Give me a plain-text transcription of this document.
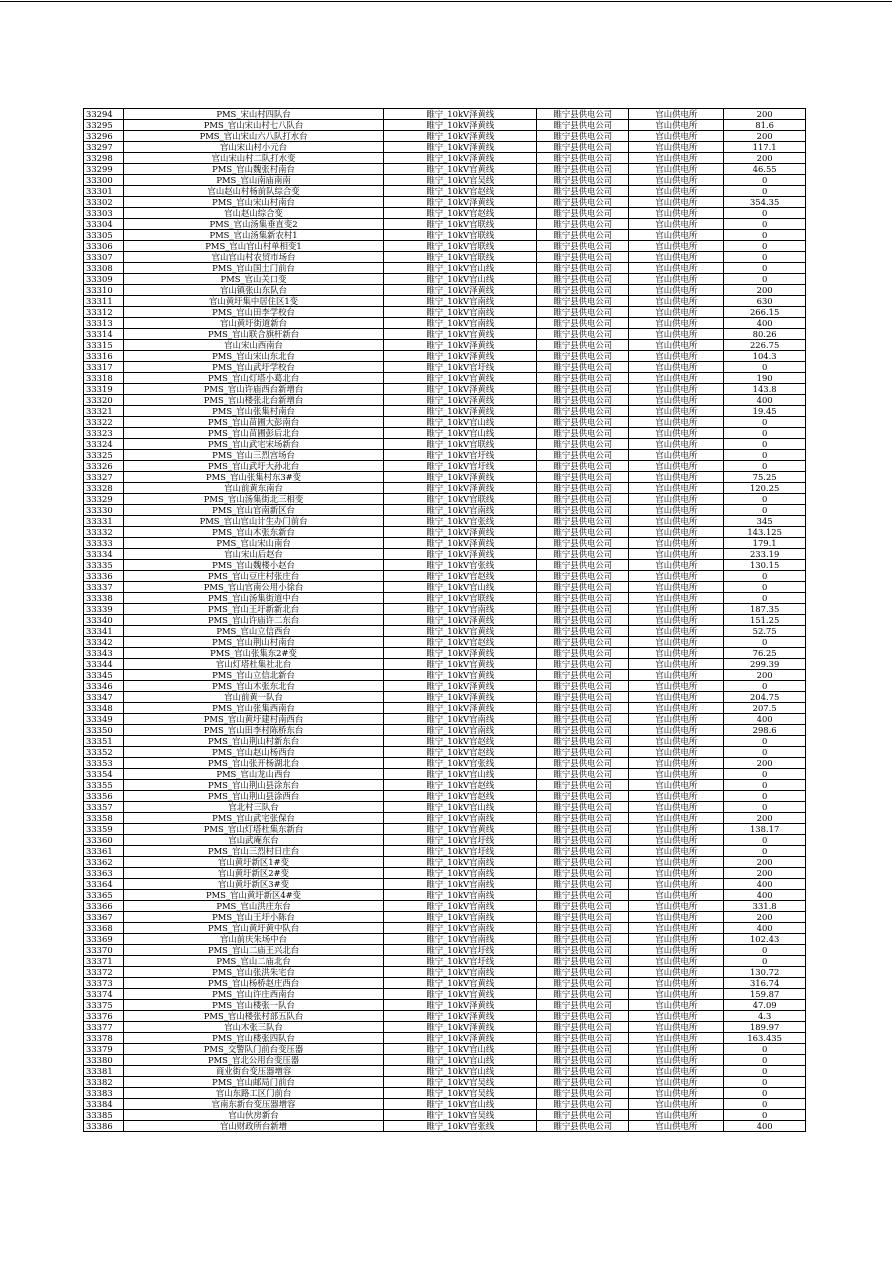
33294	PMS_宋山村四队台	睢宁_10kV泽黄线	睢宁县供电公司	官山供电所	200
33295	PMS_官山宋山村七八队台	睢宁_10kV泽黄线	睢宁县供电公司	官山供电所	81.6
33296	PMS_官山宋山六八队打水台	睢宁_10kV泽黄线	睢宁县供电公司	官山供电所	200
33297	官山宋山村小元台	睢宁_10kV泽黄线	睢宁县供电公司	官山供电所	117.1
33298	官山宋山村二队打水变	睢宁_10kV泽黄线	睢宁县供电公司	官山供电所	200
33299	PMS_官山魏张村南台	睢宁_10kV官黄线	睢宁县供电公司	官山供电所	46.55
33300	PMS_官山南庙南南	睢宁_10kV官吴线	睢宁县供电公司	官山供电所	0
33301	官山赵山村杨前队综合变	睢宁_10kV官赵线	睢宁县供电公司	官山供电所	0
33302	PMS_官山宋山村南台	睢宁_10kV泽黄线	睢宁县供电公司	官山供电所	354.35
33303	官山赵山综合变	睢宁_10kV官赵线	睢宁县供电公司	官山供电所	0
33304	PMS_官山汤集垂直变2	睢宁_10kV官联线	睢宁县供电公司	官山供电所	0
33305	PMS_官山汤集新农村1	睢宁_10kV官联线	睢宁县供电公司	官山供电所	0
33306	PMS_官山官山村单相变1	睢宁_10kV官联线	睢宁县供电公司	官山供电所	0
33307	官山官山村农贸市场台	睢宁_10kV官联线	睢宁县供电公司	官山供电所	0
33308	PMS_官山国土门前台	睢宁_10kV官山线	睢宁县供电公司	官山供电所	0
33309	PMS_官山关口变	睢宁_10kV官山线	睢宁县供电公司	官山供电所	0
33310	官山镇张山东队台	睢宁_10kV泽黄线	睢宁县供电公司	官山供电所	200
33311	官山黄圩集中居住区1变	睢宁_10kV官南线	睢宁县供电公司	官山供电所	630
33312	PMS_官山田李学校台	睢宁_10kV官南线	睢宁县供电公司	官山供电所	266.15
33313	官山黄圩街道新台	睢宁_10kV官南线	睢宁县供电公司	官山供电所	400
33314	PMS_官山联合旗杆新台	睢宁_10kV官黄线	睢宁县供电公司	官山供电所	80.26
33315	官山宋山西南台	睢宁_10kV泽黄线	睢宁县供电公司	官山供电所	226.75
33316	PMS_官山宋山东北台	睢宁_10kV泽黄线	睢宁县供电公司	官山供电所	104.3
33317	PMS_官山武圩学校台	睢宁_10kV官圩线	睢宁县供电公司	官山供电所	0
33318	PMS_官山灯塔小葛北台	睢宁_10kV官黄线	睢宁县供电公司	官山供电所	190
33319	PMS_官山许庙西台新增台	睢宁_10kV泽黄线	睢宁县供电公司	官山供电所	143.8
33320	PMS_官山楼张北台新增台	睢宁_10kV泽黄线	睢宁县供电公司	官山供电所	400
33321	PMS_官山张集村南台	睢宁_10kV泽黄线	睢宁县供电公司	官山供电所	19.45
33322	PMS_官山苗圃大彭南台	睢宁_10kV官山线	睢宁县供电公司	官山供电所	0
33323	PMS_官山苗圃彭后北台	睢宁_10kV官山线	睢宁县供电公司	官山供电所	0
33324	PMS_官山武宅宋场新台	睢宁_10kV官联线	睢宁县供电公司	官山供电所	0
33325	PMS_官山三烈宫场台	睢宁_10kV官圩线	睢宁县供电公司	官山供电所	0
33326	PMS_官山武圩大孙北台	睢宁_10kV官圩线	睢宁县供电公司	官山供电所	0
33327	PMS_官山张集村东3#变	睢宁_10kV泽黄线	睢宁县供电公司	官山供电所	75.25
33328	官山前黄东南台	睢宁_10kV泽黄线	睢宁县供电公司	官山供电所	120.25
33329	PMS_官山汤集街北三相变	睢宁_10kV官联线	睢宁县供电公司	官山供电所	0
33330	PMS_官山官南新区台	睢宁_10kV官南线	睢宁县供电公司	官山供电所	0
33331	PMS_官山官山计生办门前台	睢宁_10kV官张线	睢宁县供电公司	官山供电所	345
33332	PMS_官山木张东新台	睢宁_10kV泽黄线	睢宁县供电公司	官山供电所	143.125
33333	PMS_官山宋山南台	睢宁_10kV泽黄线	睢宁县供电公司	官山供电所	179.1
33334	官山宋山后赵台	睢宁_10kV泽黄线	睢宁县供电公司	官山供电所	233.19
33335	PMS_官山魏楼小赵台	睢宁_10kV官张线	睢宁县供电公司	官山供电所	130.15
33336	PMS_官山豆庄村张庄台	睢宁_10kV官赵线	睢宁县供电公司	官山供电所	0
33337	PMS_官山官南公用小徐台	睢宁_10kV官山线	睢宁县供电公司	官山供电所	0
33338	PMS_官山汤集街道中台	睢宁_10kV官联线	睢宁县供电公司	官山供电所	0
33339	PMS_官山王圩新新北台	睢宁_10kV官南线	睢宁县供电公司	官山供电所	187.35
33340	PMS_官山许庙许二东台	睢宁_10kV泽黄线	睢宁县供电公司	官山供电所	151.25
33341	PMS_官山立信西台	睢宁_10kV官黄线	睢宁县供电公司	官山供电所	52.75
33342	PMS_官山荆山村南台	睢宁_10kV官赵线	睢宁县供电公司	官山供电所	0
33343	PMS_官山张集东2#变	睢宁_10kV泽黄线	睢宁县供电公司	官山供电所	76.25
33344	官山灯塔杜集社北台	睢宁_10kV官黄线	睢宁县供电公司	官山供电所	299.39
33345	PMS_官山立信北新台	睢宁_10kV官黄线	睢宁县供电公司	官山供电所	200
33346	PMS_官山木张东北台	睢宁_10kV泽黄线	睢宁县供电公司	官山供电所	0
33347	官山前黄一队台	睢宁_10kV泽黄线	睢宁县供电公司	官山供电所	204.75
33348	PMS_官山张集西南台	睢宁_10kV泽黄线	睢宁县供电公司	官山供电所	207.5
33349	PMS_官山黄圩建村南西台	睢宁_10kV官南线	睢宁县供电公司	官山供电所	400
33350	PMS_官山田李村陈桥东台	睢宁_10kV官南线	睢宁县供电公司	官山供电所	298.6
33351	PMS_官山荆山村新东台	睢宁_10kV官赵线	睢宁县供电公司	官山供电所	0
33352	PMS_官山赵山杨西台	睢宁_10kV官赵线	睢宁县供电公司	官山供电所	0
33353	PMS_官山张开杨湖北台	睢宁_10kV官张线	睢宁县供电公司	官山供电所	200
33354	PMS_官山龙山西台	睢宁_10kV官山线	睢宁县供电公司	官山供电所	0
33355	PMS_官山荆山县涂东台	睢宁_10kV官赵线	睢宁县供电公司	官山供电所	0
33356	PMS_官山荆山县涂西台	睢宁_10kV官赵线	睢宁县供电公司	官山供电所	0
33357	官北村三队台	睢宁_10kV官山线	睢宁县供电公司	官山供电所	0
33358	PMS_官山武宅张保台	睢宁_10kV官南线	睢宁县供电公司	官山供电所	200
33359	PMS_官山灯塔杜集东新台	睢宁_10kV官黄线	睢宁县供电公司	官山供电所	138.17
33360	官山武庵东台	睢宁_10kV官圩线	睢宁县供电公司	官山供电所	0
33361	PMS_官山三烈村日庄台	睢宁_10kV官圩线	睢宁县供电公司	官山供电所	0
33362	官山黄圩新区1#变	睢宁_10kV官南线	睢宁县供电公司	官山供电所	200
33363	官山黄圩新区2#变	睢宁_10kV官南线	睢宁县供电公司	官山供电所	200
33364	官山黄圩新区3#变	睢宁_10kV官南线	睢宁县供电公司	官山供电所	400
33365	PMS_官山黄圩新区4#变	睢宁_10kV官南线	睢宁县供电公司	官山供电所	400
33366	PMS_官山洪庄东台	睢宁_10kV官南线	睢宁县供电公司	官山供电所	331.8
33367	PMS_官山王圩小陈台	睢宁_10kV官南线	睢宁县供电公司	官山供电所	200
33368	PMS_官山黄圩黄中队台	睢宁_10kV官南线	睢宁县供电公司	官山供电所	400
33369	官山前庆朱场中台	睢宁_10kV官南线	睢宁县供电公司	官山供电所	102.43
33370	PMS_官山二庙王兴北台	睢宁_10kV官圩线	睢宁县供电公司	官山供电所	0
33371	PMS_官山二庙北台	睢宁_10kV官圩线	睢宁县供电公司	官山供电所	0
33372	PMS_官山张洪朱宅台	睢宁_10kV官南线	睢宁县供电公司	官山供电所	130.72
33373	PMS_官山杨桥赵庄西台	睢宁_10kV官黄线	睢宁县供电公司	官山供电所	316.74
33374	PMS_官山许庄西南台	睢宁_10kV官黄线	睢宁县供电公司	官山供电所	159.87
33375	PMS_官山楼张一队台	睢宁_10kV泽黄线	睢宁县供电公司	官山供电所	47.09
33376	PMS_官山楼张村部五队台	睢宁_10kV泽黄线	睢宁县供电公司	官山供电所	4.3
33377	官山木张三队台	睢宁_10kV泽黄线	睢宁县供电公司	官山供电所	189.97
33378	PMS_官山楼张四队台	睢宁_10kV泽黄线	睢宁县供电公司	官山供电所	163.435
33379	PMS_交警队门前台变压器	睢宁_10kV官山线	睢宁县供电公司	官山供电所	0
33380	PMS_官北公用台变压器	睢宁_10kV官山线	睢宁县供电公司	官山供电所	0
33381	商业街台变压器增容	睢宁_10kV官山线	睢宁县供电公司	官山供电所	0
33382	PMS_官山邮局门前台	睢宁_10kV官吴线	睢宁县供电公司	官山供电所	0
33383	官山东路工区门前台	睢宁_10kV官吴线	睢宁县供电公司	官山供电所	0
33384	官南东新台变压器增容	睢宁_10kV官山线	睢宁县供电公司	官山供电所	0
33385	官山伙房新台	睢宁_10kV官吴线	睢宁县供电公司	官山供电所	0
33386	官山财政所台新增	睢宁_10kV官张线	睢宁县供电公司	官山供电所	400
